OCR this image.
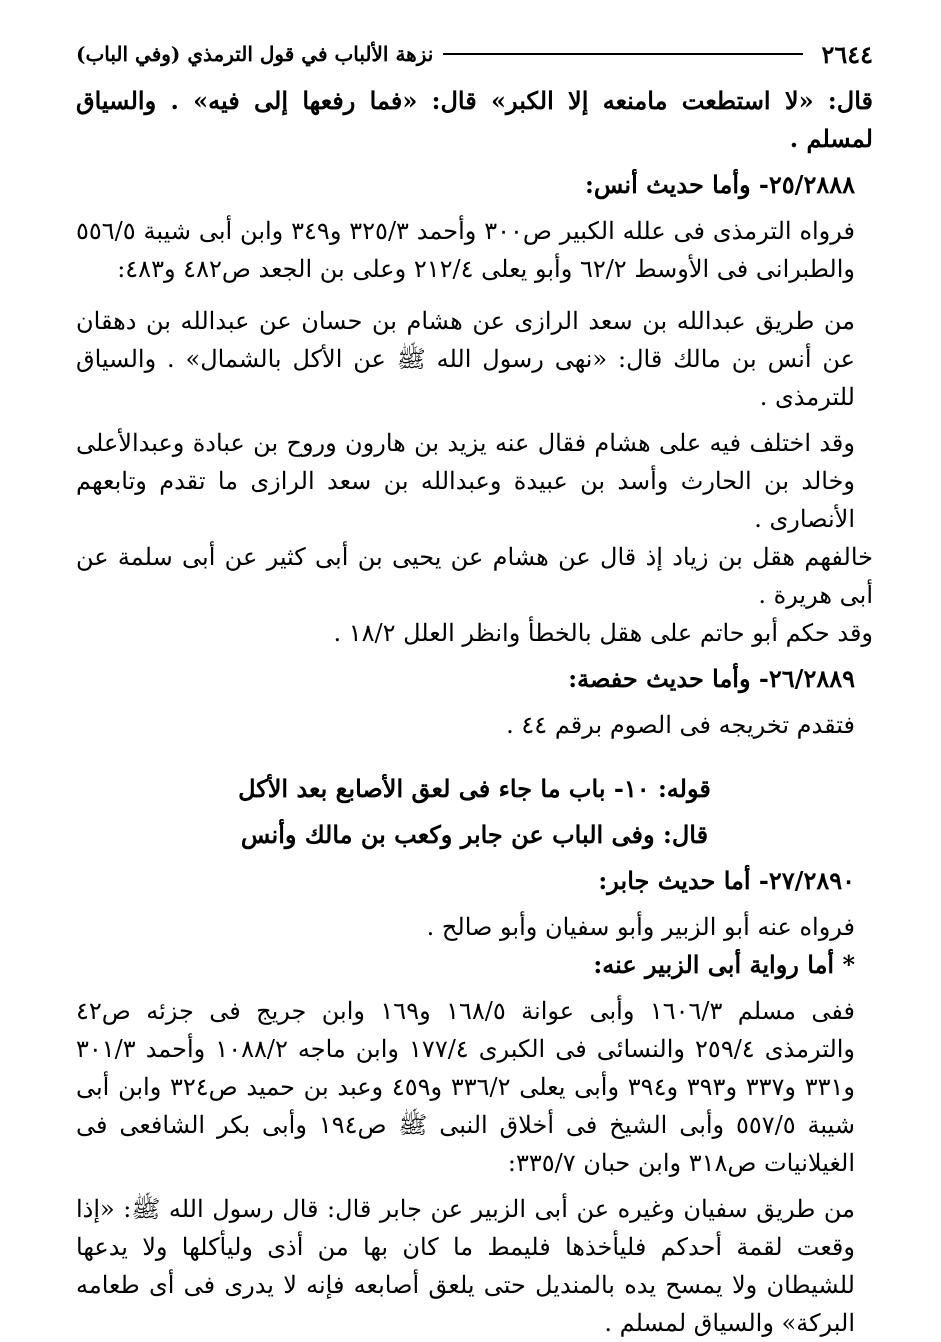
٢٦٤٤
نزهة الألباب في قول الترمذي (وفي الباب)

قال: «لا استطعت مامنعه إلا الكبر» قال: «فما رفعها إلى فيه» . والسياق لمسلم .

٢٥/٢٨٨٨- وأما حديث أنس:

فرواه الترمذى فى علله الكبير ص٣٠٠ وأحمد ٣٢٥/٣ و٣٤٩ وابن أبى شيبة ٥٥٦/٥ والطبرانى فى الأوسط ٦٢/٢ وأبو يعلى ٢١٢/٤ وعلى بن الجعد ص٤٨٢ و٤٨٣:

من طريق عبدالله بن سعد الرازى عن هشام بن حسان عن عبدالله بن دهقان عن أنس بن مالك قال: «نهى رسول الله ﷺ عن الأكل بالشمال» . والسياق للترمذى .

وقد اختلف فيه على هشام فقال عنه يزيد بن هارون وروح بن عبادة وعبدالأعلى وخالد بن الحارث وأسد بن عبيدة وعبدالله بن سعد الرازى ما تقدم وتابعهم الأنصارى .

خالفهم هقل بن زياد إذ قال عن هشام عن يحيى بن أبى كثير عن أبى سلمة عن أبى هريرة .

وقد حكم أبو حاتم على هقل بالخطأ وانظر العلل ١٨/٢ .

٢٦/٢٨٨٩- وأما حديث حفصة:

فتقدم تخريجه فى الصوم برقم ٤٤ .

قوله: ١٠- باب ما جاء فى لعق الأصابع بعد الأكل

قال: وفى الباب عن جابر وكعب بن مالك وأنس

٢٧/٢٨٩٠- أما حديث جابر:

فرواه عنه أبو الزبير وأبو سفيان وأبو صالح .

* أما رواية أبى الزبير عنه:

ففى مسلم ١٦٠٦/٣ وأبى عوانة ١٦٨/٥ و١٦٩ وابن جريج فى جزئه ص٤٢ والترمذى ٢٥٩/٤ والنسائى فى الكبرى ١٧٧/٤ وابن ماجه ١٠٨٨/٢ وأحمد ٣٠١/٣ و٣٣١ و٣٣٧ و٣٩٣ و٣٩٤ وأبى يعلى ٣٣٦/٢ و٤٥٩ وعبد بن حميد ص٣٢٤ وابن أبى شيبة ٥٥٧/٥ وأبى الشيخ فى أخلاق النبى ﷺ ص١٩٤ وأبى بكر الشافعى فى الغيلانيات ص٣١٨ وابن حبان ٣٣٥/٧:

من طريق سفيان وغيره عن أبى الزبير عن جابر قال: قال رسول الله ﷺ: «إذا وقعت لقمة أحدكم فليأخذها فليمط ما كان بها من أذى وليأكلها ولا يدعها للشيطان ولا يمسح يده بالمنديل حتى يلعق أصابعه فإنه لا يدرى فى أى طعامه البركة» والسياق لمسلم .
